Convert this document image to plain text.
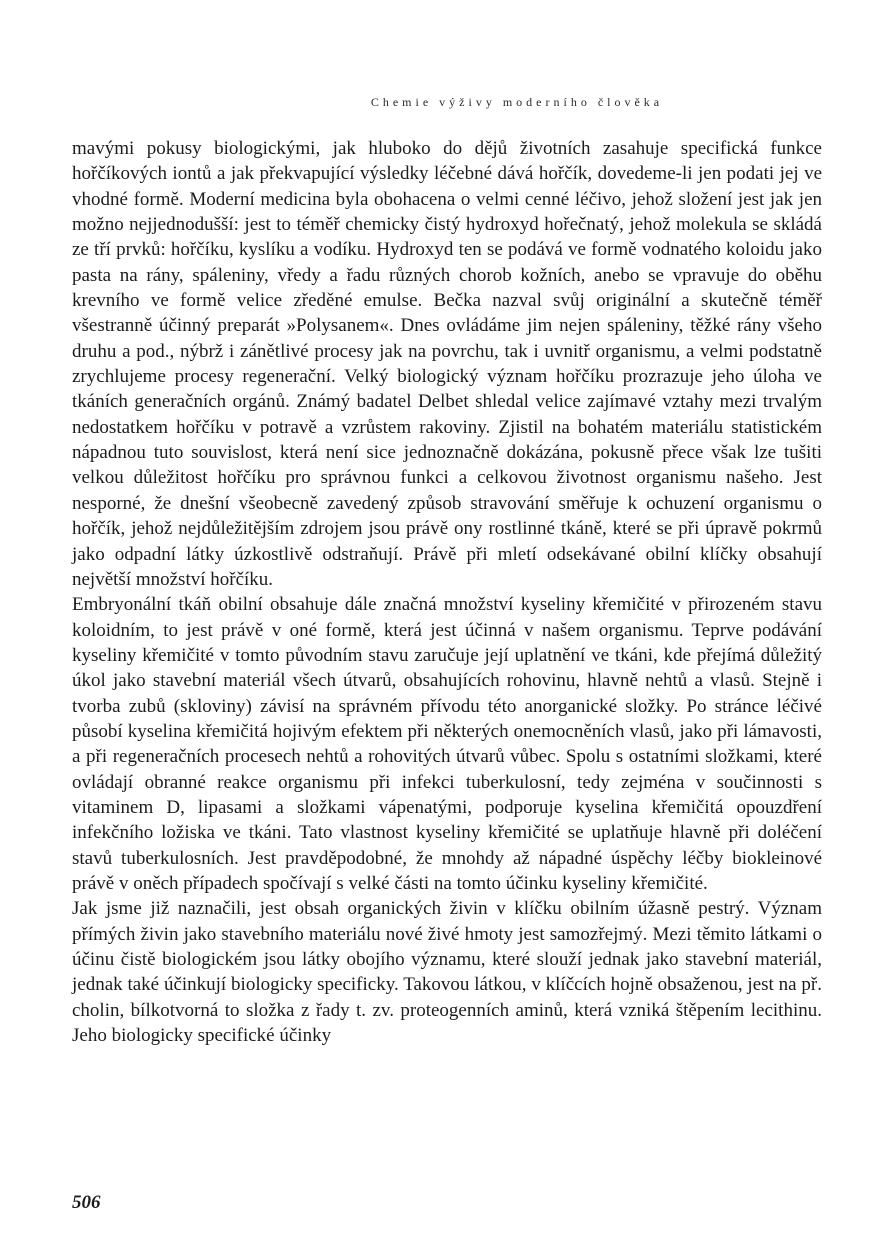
Chemie výživy moderního člověka

mavými pokusy biologickými, jak hluboko do dějů životních zasahuje specifická funkce hořčíkových iontů a jak překvapující výsledky léčebné dává hořčík, dovedeme-li jen podati jej ve vhodné formě. Moderní medicina byla obohacena o velmi cenné léčivo, jehož složení jest jak jen možno nejjednodušší: jest to téměř chemicky čistý hydroxyd hořečnatý, jehož molekula se skládá ze tří prvků: hořčíku, kyslíku a vodíku. Hydroxyd ten se podává ve formě vodnatého koloidu jako pasta na rány, spáleniny, vředy a řadu různých chorob kožních, anebo se vpravuje do oběhu krevního ve formě velice zředěné emulse. Bečka nazval svůj originální a skutečně téměř všestranně účinný preparát »Polysanem«. Dnes ovládáme jim nejen spáleniny, těžké rány všeho druhu a pod., nýbrž i zánětlivé procesy jak na povrchu, tak i uvnitř organismu, a velmi podstatně zrychlujeme procesy regenerační. Velký biologický význam hořčíku prozrazuje jeho úloha ve tkáních generačních orgánů. Známý badatel Delbet shledal velice zajímavé vztahy mezi trvalým nedostatkem hořčíku v potravě a vzrůstem rakoviny. Zjistil na bohatém materiálu statistickém nápadnou tuto souvislost, která není sice jednoznačně dokázána, pokusně přece však lze tušiti velkou důležitost hořčíku pro správnou funkci a celkovou životnost organismu našeho. Jest nesporné, že dnešní všeobecně zavedený způsob stravování směřuje k ochuzení organismu o hořčík, jehož nejdůležitějším zdrojem jsou právě ony rostlinné tkáně, které se při úpravě pokrmů jako odpadní látky úzkostlivě odstraňují. Právě při mletí odsekávané obilní klíčky obsahují největší množství hořčíku.

Embryonální tkáň obilní obsahuje dále značná množství kyseliny křemičité v přirozeném stavu koloidním, to jest právě v oné formě, která jest účinná v našem organismu. Teprve podávání kyseliny křemičité v tomto původním stavu zaručuje její uplatnění ve tkáni, kde přejímá důležitý úkol jako stavební materiál všech útvarů, obsahujících rohovinu, hlavně nehtů a vlasů. Stejně i tvorba zubů (skloviny) závisí na správném přívodu této anorganické složky. Po stránce léčivé působí kyselina křemičitá hojivým efektem při některých onemocněních vlasů, jako při lámavosti, a při regeneračních procesech nehtů a rohovitých útvarů vůbec. Spolu s ostatními složkami, které ovládají obranné reakce organismu při infekci tuberkulosní, tedy zejména v součinnosti s vitaminem D, lipasami a složkami vápenatými, podporuje kyselina křemičitá opouzdření infekčního ložiska ve tkáni. Tato vlastnost kyseliny křemičité se uplatňuje hlavně při doléčení stavů tuberkulosních. Jest pravděpodobné, že mnohdy až nápadné úspěchy léčby biokleinové právě v oněch případech spočívají s velké části na tomto účinku kyseliny křemičité.

Jak jsme již naznačili, jest obsah organických živin v klíčku obilním úžasně pestrý. Význam přímých živin jako stavebního materiálu nové živé hmoty jest samozřejmý. Mezi těmito látkami o účinu čistě biologickém jsou látky obojího významu, které slouží jednak jako stavební materiál, jednak také účinkují biologicky specificky. Takovou látkou, v klíčcích hojně obsaženou, jest na př. cholin, bílkotvorná to složka z řady t. zv. proteogenních aminů, která vzniká štěpením lecithinu. Jeho biologicky specifické účinky

506
